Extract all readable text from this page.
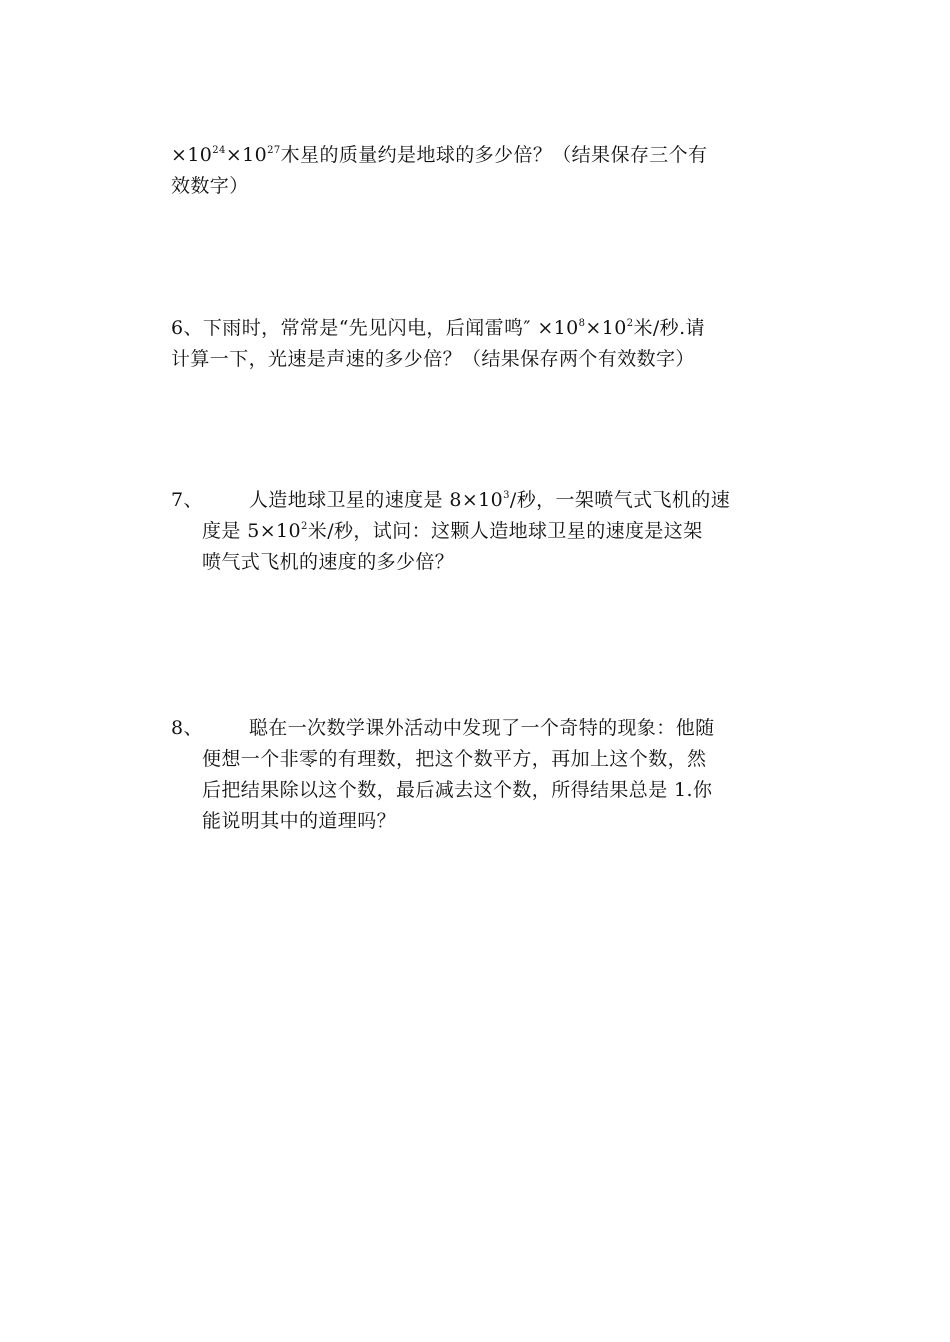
$\times 10^{24}\times 10^{27}$木星的质量约是地球的多少倍？（结果保存三个有
效数字）
6、下雨时，常常是“先见闪电，后闻雷鸣″ $\times 10^8\times 10^2$米/秒.请
计算一下，光速是声速的多少倍？（结果保存两个有效数字）
7、 人造地球卫星的速度是 $8\times 10^3/$秒，一架喷气式飞机的速
度是 $5\times 10^2$米/秒，试问：这颗人造地球卫星的速度是这架
喷气式飞机的速度的多少倍？
8、 聪在一次数学课外活动中发现了一个奇特的现象：他随
便想一个非零的有理数，把这个数平方，再加上这个数，然
后把结果除以这个数，最后减去这个数，所得结果总是 1.你
能说明其中的道理吗？
